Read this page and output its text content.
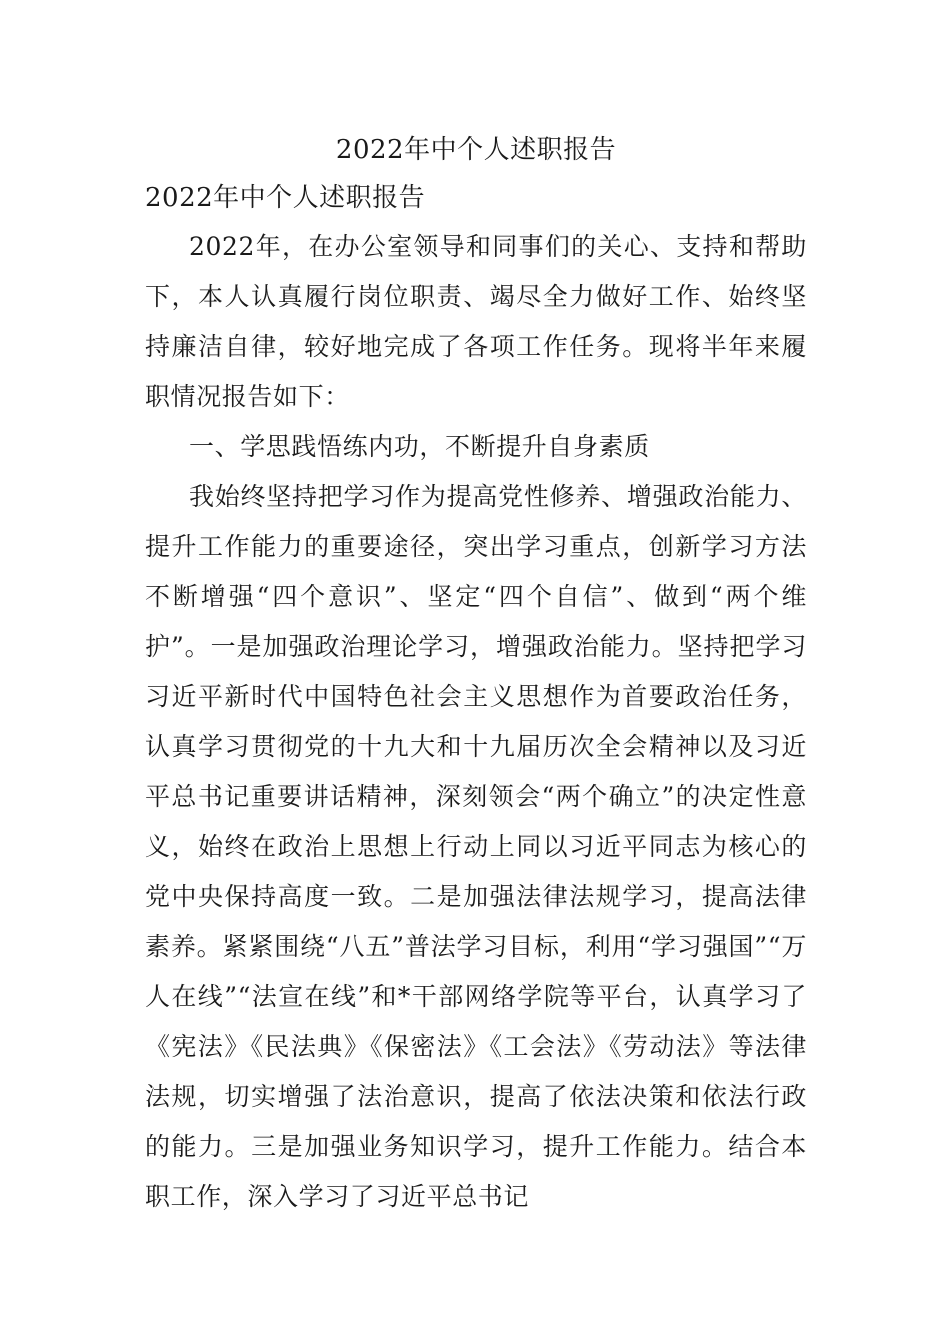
2022年中个人述职报告

2022年中个人述职报告

2022年，在办公室领导和同事们的关心、支持和帮助下，本人认真履行岗位职责、竭尽全力做好工作、始终坚持廉洁自律，较好地完成了各项工作任务。现将半年来履职情况报告如下：

一、学思践悟练内功，不断提升自身素质

我始终坚持把学习作为提高党性修养、增强政治能力、提升工作能力的重要途径，突出学习重点，创新学习方法不断增强“四个意识”、坚定“四个自信”、做到“两个维护”。一是加强政治理论学习，增强政治能力。坚持把学习习近平新时代中国特色社会主义思想作为首要政治任务，认真学习贯彻党的十九大和十九届历次全会精神以及习近平总书记重要讲话精神，深刻领会“两个确立”的决定性意义，始终在政治上思想上行动上同以习近平同志为核心的党中央保持高度一致。二是加强法律法规学习，提高法律素养。紧紧围绕“八五”普法学习目标，利用“学习强国”“万人在线”“法宣在线”和*干部网络学院等平台，认真学习了《宪法》《民法典》《保密法》《工会法》《劳动法》等法律法规，切实增强了法治意识，提高了依法决策和依法行政的能力。三是加强业务知识学习，提升工作能力。结合本职工作，深入学习了习近平总书记
